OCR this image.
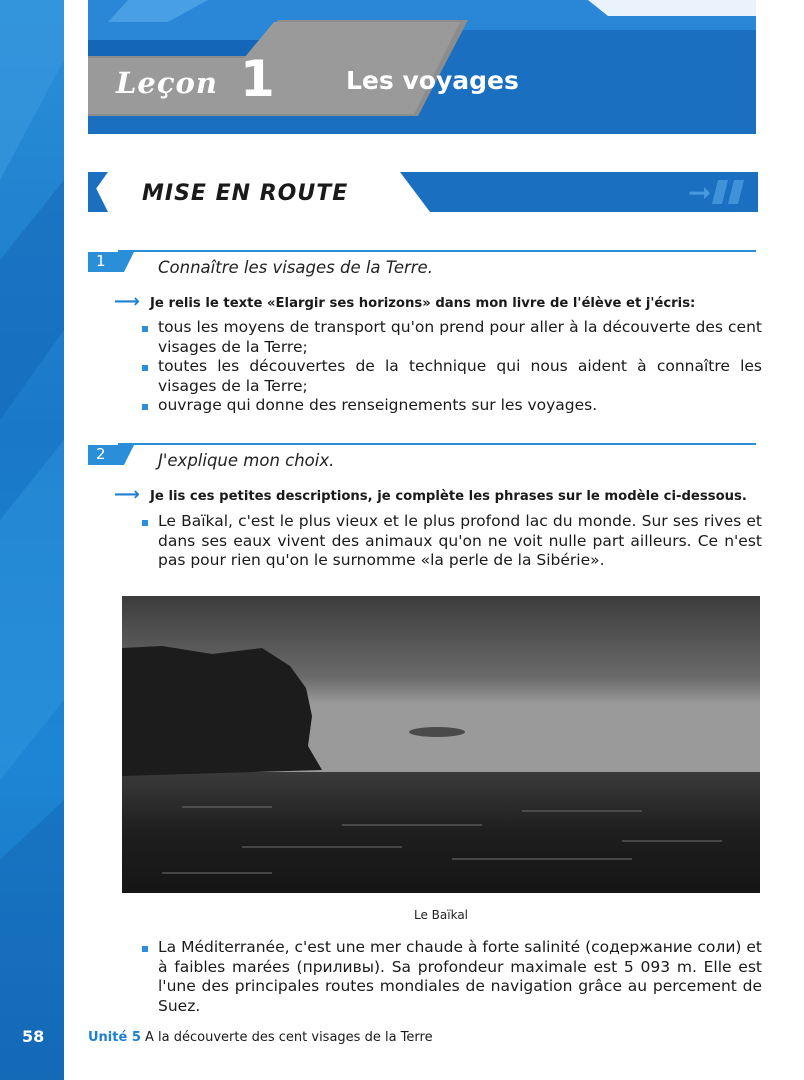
Leçon 1	Les voyages
➞
MISE EN ROUTE
1	Connaître les visages de la Terre.
⟶ Je relis le texte «Elargir ses horizons» dans mon livre de l'élève et j'écris:
tous les moyens de transport qu'on prend pour aller à la découverte des cent visages de la Terre;
toutes les découvertes de la technique qui nous aident à connaître les visages de la Terre;
ouvrage qui donne des renseignements sur les voyages.
2	J'explique mon choix.
⟶ Je lis ces petites descriptions, je complète les phrases sur le modèle ci-dessous.
Le Baïkal, c'est le plus vieux et le plus profond lac du monde. Sur ses rives et dans ses eaux vivent des animaux qu'on ne voit nulle part ailleurs. Ce n'est pas pour rien qu'on le surnomme «la perle de la Sibérie».
Le Baïkal
La Méditerranée, c'est une mer chaude à forte salinité (содержание соли) et à faibles marées (приливы). Sa profondeur maximale est 5 093 m. Elle est l'une des principales routes mondiales de navigation grâce au percement de Suez.
58	Unité 5 A la découverte des cent visages de la Terre
